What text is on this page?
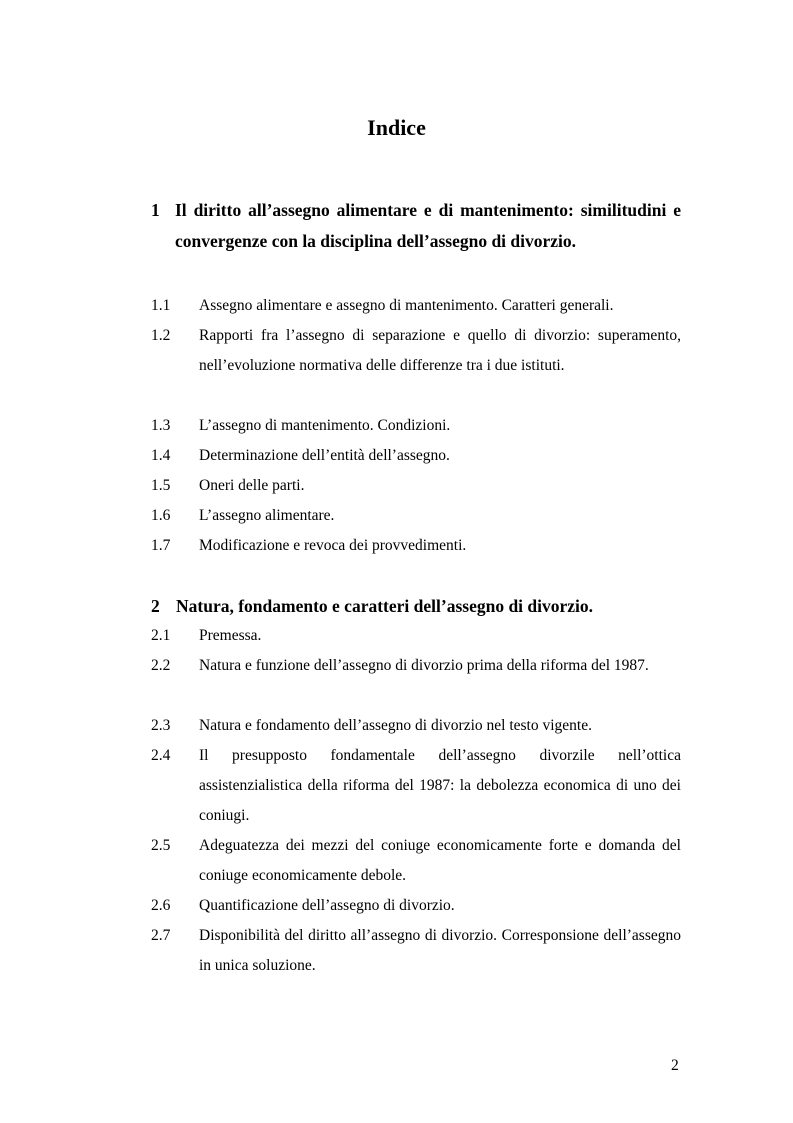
Indice
1 Il diritto all’assegno alimentare e di mantenimento: similitudini e convergenze con la disciplina dell’assegno di divorzio.
1.1 Assegno alimentare e assegno di mantenimento. Caratteri generali.
1.2 Rapporti fra l’assegno di separazione e quello di divorzio: superamento, nell’evoluzione normativa delle differenze tra i due istituti.
1.3 L’assegno di mantenimento. Condizioni.
1.4 Determinazione dell’entità dell’assegno.
1.5 Oneri delle parti.
1.6 L’assegno alimentare.
1.7 Modificazione e revoca dei provvedimenti.
2 Natura, fondamento e caratteri dell’assegno di divorzio.
2.1 Premessa.
2.2 Natura e funzione dell’assegno di divorzio prima della riforma del 1987.
2.3 Natura e fondamento dell’assegno di divorzio nel testo vigente.
2.4 Il presupposto fondamentale dell’assegno divorzile nell’ottica assistenzialistica della riforma del 1987: la debolezza economica di uno dei coniugi.
2.5 Adeguatezza dei mezzi del coniuge economicamente forte e domanda del coniuge economicamente debole.
2.6 Quantificazione dell’assegno di divorzio.
2.7 Disponibilità del diritto all’assegno di divorzio. Corresponsione dell’assegno in unica soluzione.
2
